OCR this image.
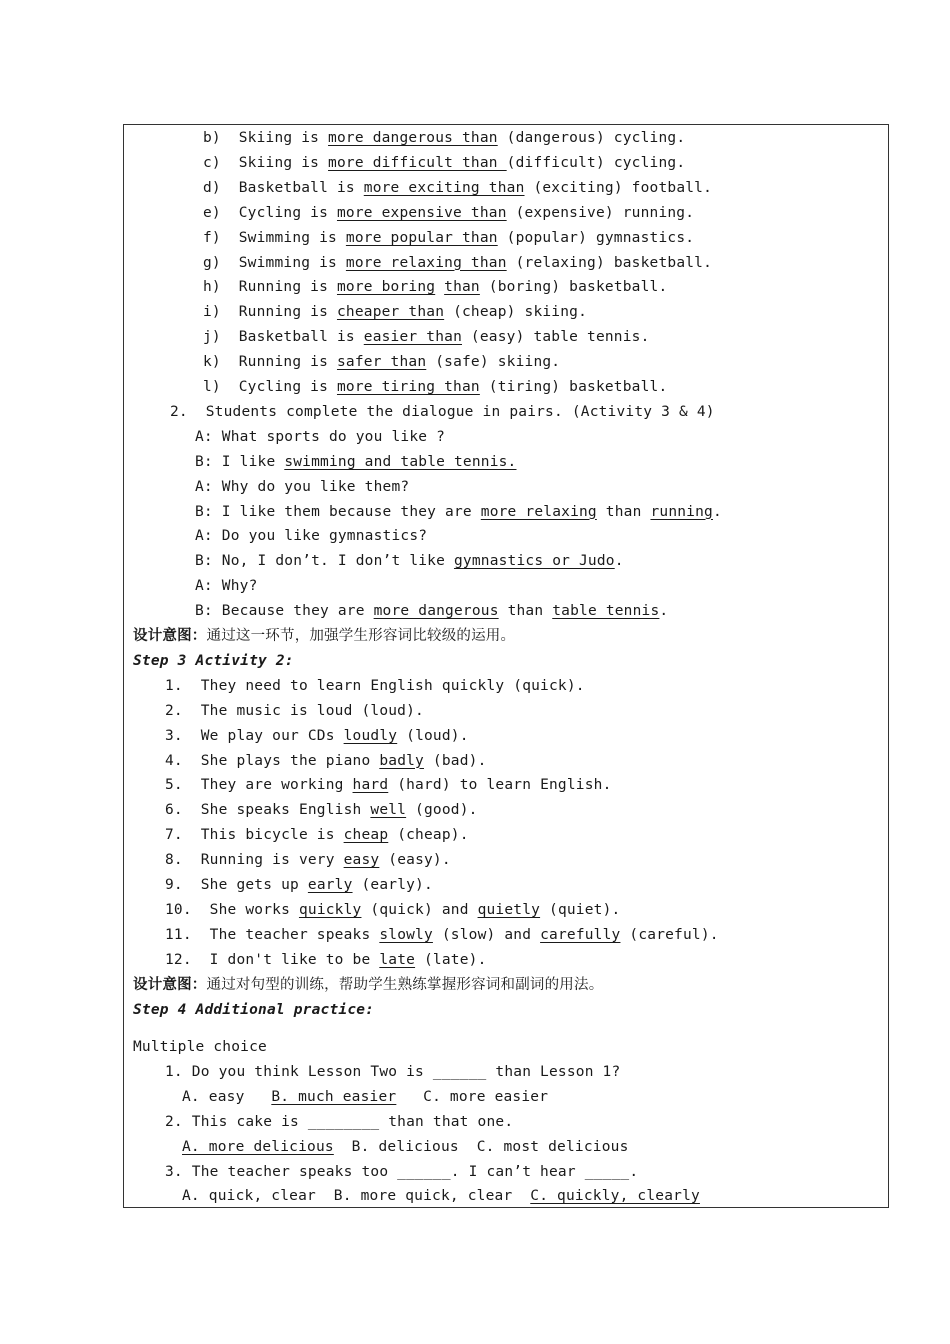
b)  Skiing is more dangerous than (dangerous) cycling.
c)  Skiing is more difficult than (difficult) cycling.
d)  Basketball is more exciting than (exciting) football.
e)  Cycling is more expensive than (expensive) running.
f)  Swimming is more popular than (popular) gymnastics.
g)  Swimming is more relaxing than (relaxing) basketball.
h)  Running is more boring than (boring) basketball.
i)  Running is cheaper than (cheap) skiing.
j)  Basketball is easier than (easy) table tennis.
k)  Running is safer than (safe) skiing.
l)  Cycling is more tiring than (tiring) basketball.
2.  Students complete the dialogue in pairs. (Activity 3 & 4)
A: What sports do you like ?
B: I like swimming and table tennis.
A: Why do you like them?
B: I like them because they are more relaxing than running.
A: Do you like gymnastics?
B: No, I don’t. I don’t like gymnastics or Judo.
A: Why?
B: Because they are more dangerous than table tennis.
设计意图：通过这一环节，加强学生形容词比较级的运用。
Step 3 Activity 2:
1.  They need to learn English quickly (quick).
2.  The music is loud (loud).
3.  We play our CDs loudly (loud).
4.  She plays the piano badly (bad).
5.  They are working hard (hard) to learn English.
6.  She speaks English well (good).
7.  This bicycle is cheap (cheap).
8.  Running is very easy (easy).
9.  She gets up early (early).
10.  She works quickly (quick) and quietly (quiet).
11.  The teacher speaks slowly (slow) and carefully (careful).
12.  I don't like to be late (late).
设计意图：通过对句型的训练，帮助学生熟练掌握形容词和副词的用法。
Step 4 Additional practice:
Multiple choice
1. Do you think Lesson Two is ______ than Lesson 1?
A. easy   B. much easier   C. more easier
2. This cake is ________ than that one.
A. more delicious  B. delicious  C. most delicious
3. The teacher speaks too ______. I can’t hear _____.
A. quick, clear  B. more quick, clear  C. quickly, clearly
